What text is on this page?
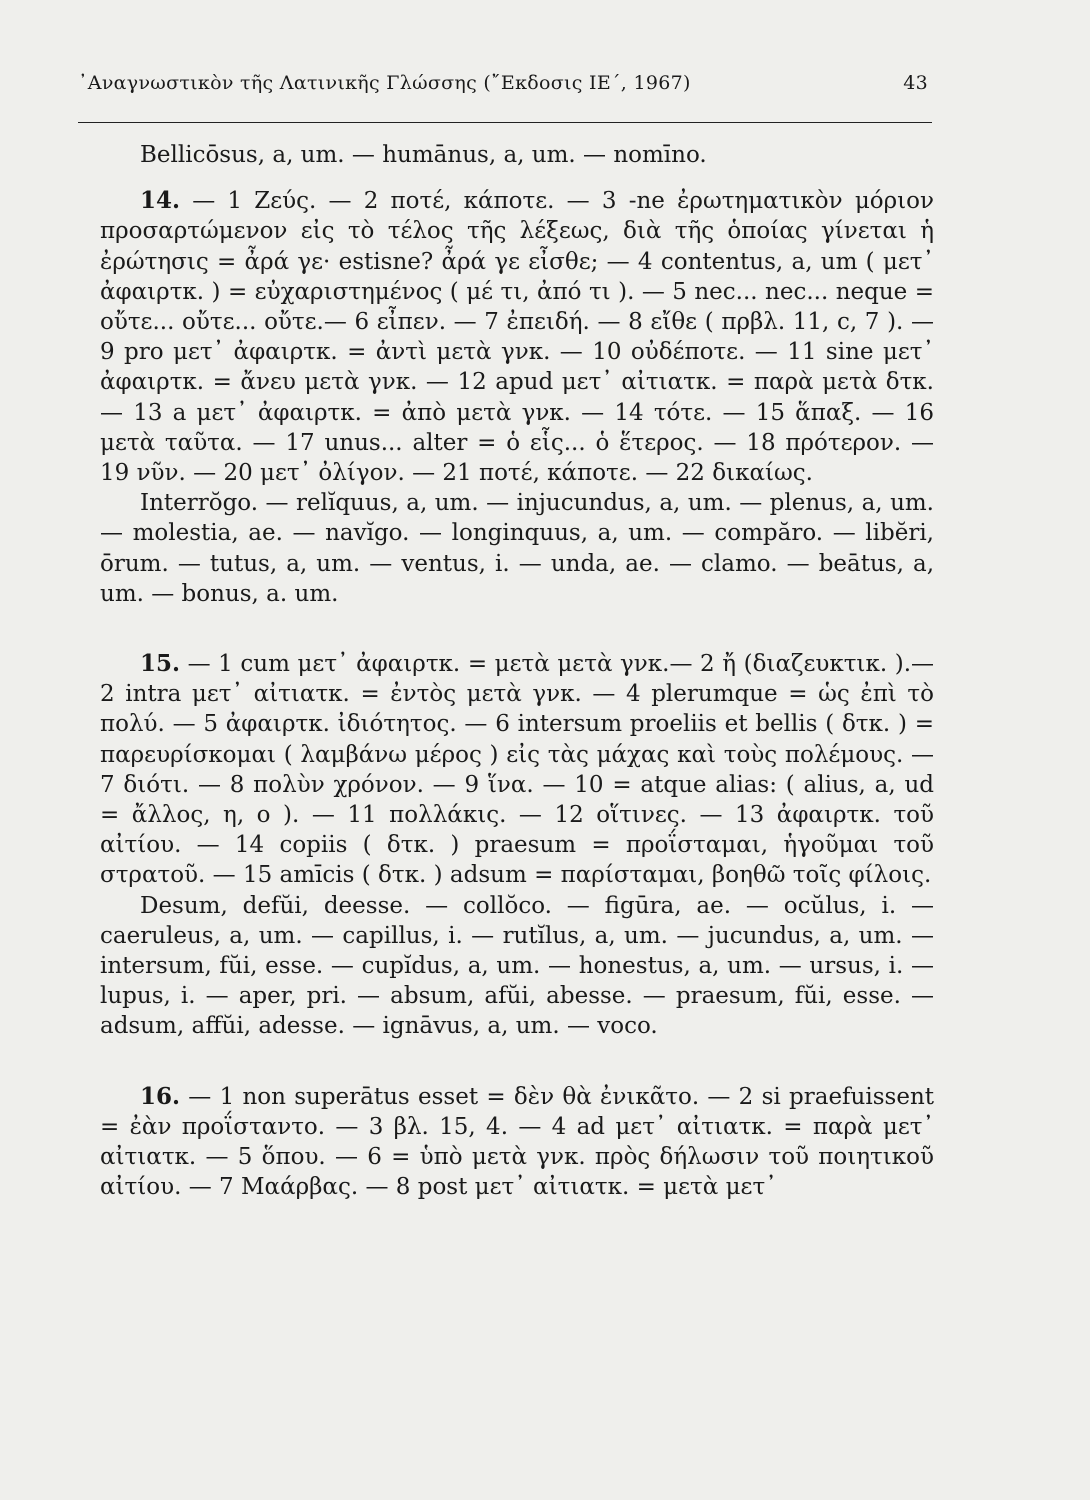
᾿Αναγνωστικὸν τῆς Λατινικῆς Γλώσσης (῎Εκδοσις ΙΕ΄, 1967)	43

Bellicōsus, a, um. — humānus, a, um. — nomīno.

14. — 1 Ζεύς. — 2 ποτέ, κάποτε. — 3 -ne ἐρωτηματικὸν μόριον προσαρτώμενον εἰς τὸ τέλος τῆς λέξεως, διὰ τῆς ὁποίας γίνεται ἡ ἐρώτησις = ἆρά γε· estisne? ἆρά γε εἶσθε; — 4 contentus, a, um ( μετ᾿ ἀφαιρτκ. ) = εὐχαριστημένος ( μέ τι, ἀπό τι ). — 5 nec... nec... neque = οὔτε... οὔτε... οὔτε.— 6 εἶπεν. — 7 ἐπειδή. — 8 εἴθε ( πρβλ. 11, c, 7 ). — 9 pro μετ᾿ ἀφαιρτκ. = ἀντὶ μετὰ γνκ. — 10 οὐδέποτε. — 11 sine μετ᾿ ἀφαιρτκ. = ἄνευ μετὰ γνκ. — 12 apud μετ᾿ αἰτιατκ. = παρὰ μετὰ δτκ. — 13 a μετ᾿ ἀφαιρτκ. = ἀπὸ μετὰ γνκ. — 14 τότε. — 15 ἅπαξ. — 16 μετὰ ταῦτα. — 17 unus... alter = ὁ εἷς... ὁ ἕτερος. — 18 πρότερον. — 19 νῦν. — 20 μετ᾿ ὀλίγον. — 21 ποτέ, κάποτε. — 22 δικαίως.

Interrŏgo. — relĭquus, a, um. — injucundus, a, um. — plenus, a, um. — molestia, ae. — navĭgo. — longinquus, a, um. — compăro. — libĕri, ōrum. — tutus, a, um. — ventus, i. — unda, ae. — clamo. — beātus, a, um. — bonus, a. um.

15. — 1 cum μετ᾿ ἀφαιρτκ. = μετὰ μετὰ γνκ.— 2 ἤ (διαζευκτικ. ).— 2 intra μετ᾿ αἰτιατκ. = ἐντὸς μετὰ γνκ. — 4 plerumque = ὡς ἐπὶ τὸ πολύ. — 5 ἀφαιρτκ. ἰδιότητος. — 6 intersum proeliis et bellis ( δτκ. ) = παρευρίσκομαι ( λαμβάνω μέρος ) εἰς τὰς μάχας καὶ τοὺς πολέμους. — 7 διότι. — 8 πολὺν χρόνον. — 9 ἵνα. — 10 = atque alias: ( alius, a, ud = ἄλλος, η, ο ). — 11 πολλάκις. — 12 οἵτινες. — 13 ἀφαιρτκ. τοῦ αἰτίου. — 14 copiis ( δτκ. ) praesum = προΐσταμαι, ἡγοῦμαι τοῦ στρατοῦ. — 15 amīcis ( δτκ. ) adsum = παρίσταμαι, βοηθῶ τοῖς φίλοις.

Desum, defŭi, deesse. — collŏco. — figūra, ae. — ocŭlus, i. — caeruleus, a, um. — capillus, i. — rutĭlus, a, um. — jucundus, a, um. — intersum, fŭi, esse. — cupĭdus, a, um. — honestus, a, um. — ursus, i. — lupus, i. — aper, pri. — absum, afŭi, abesse. — praesum, fŭi, esse. — adsum, affŭi, adesse. — ignāvus, a, um. — voco.

16. — 1 non superātus esset = δὲν θὰ ἐνικᾶτο. — 2 si praefuissent = ἐὰν προΐσταντο. — 3 βλ. 15, 4. — 4 ad μετ᾿ αἰτιατκ. = παρὰ μετ᾿ αἰτιατκ. — 5 ὅπου. — 6 = ὑπὸ μετὰ γνκ. πρὸς δήλωσιν τοῦ ποιητικοῦ αἰτίου. — 7 Μαάρβας. — 8 post μετ᾿ αἰτιατκ. = μετὰ μετ᾿
